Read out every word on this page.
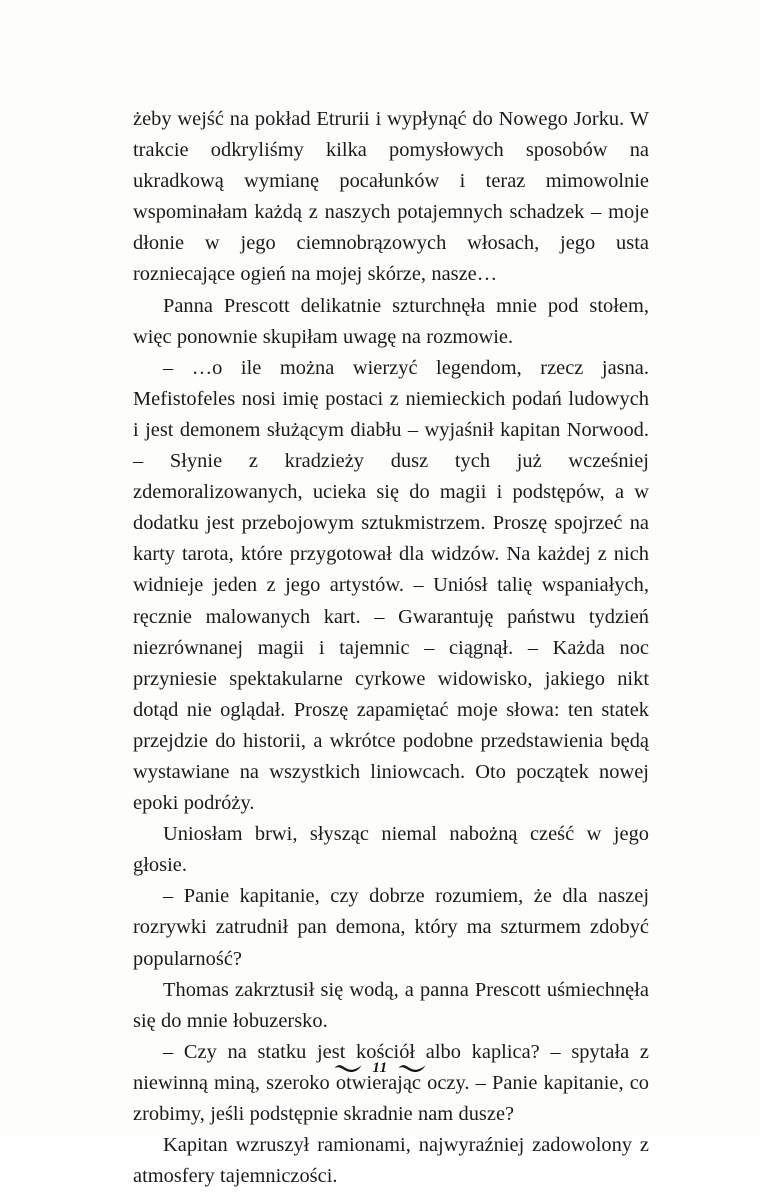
żeby wejść na pokład Etrurii i wypłynąć do Nowego Jorku. W trakcie odkryliśmy kilka pomysłowych sposobów na ukradkową wymianę pocałunków i teraz mimowolnie wspominałam każdą z naszych potajemnych schadzek – moje dłonie w jego ciemnobrązowych włosach, jego usta rozniecające ogień na mojej skórze, nasze…

Panna Prescott delikatnie szturchnęła mnie pod stołem, więc ponownie skupiłam uwagę na rozmowie.

– …o ile można wierzyć legendom, rzecz jasna. Mefistofeles nosi imię postaci z niemieckich podań ludowych i jest demonem służącym diabłu – wyjaśnił kapitan Norwood. – Słynie z kradzieży dusz tych już wcześniej zdemoralizowanych, ucieka się do magii i podstępów, a w dodatku jest przebojowym sztukmistrzem. Proszę spojrzeć na karty tarota, które przygotował dla widzów. Na każdej z nich widnieje jeden z jego artystów. – Uniósł talię wspaniałych, ręcznie malowanych kart. – Gwarantuję państwu tydzień niezrównanej magii i tajemnic – ciągnął. – Każda noc przyniesie spektakularne cyrkowe widowisko, jakiego nikt dotąd nie oglądał. Proszę zapamiętać moje słowa: ten statek przejdzie do historii, a wkrótce podobne przedstawienia będą wystawiane na wszystkich liniowcach. Oto początek nowej epoki podróży.

Uniosłam brwi, słysząc niemal nabożną cześć w jego głosie.

– Panie kapitanie, czy dobrze rozumiem, że dla naszej rozrywki zatrudnił pan demona, który ma szturmem zdobyć popularność?

Thomas zakrztusił się wodą, a panna Prescott uśmiechnęła się do mnie łobuzersko.

– Czy na statku jest kościół albo kaplica? – spytała z niewinną miną, szeroko otwierając oczy. – Panie kapitanie, co zrobimy, jeśli podstępnie skradnie nam dusze?

Kapitan wzruszył ramionami, najwyraźniej zadowolony z atmosfery tajemniczości.

11
